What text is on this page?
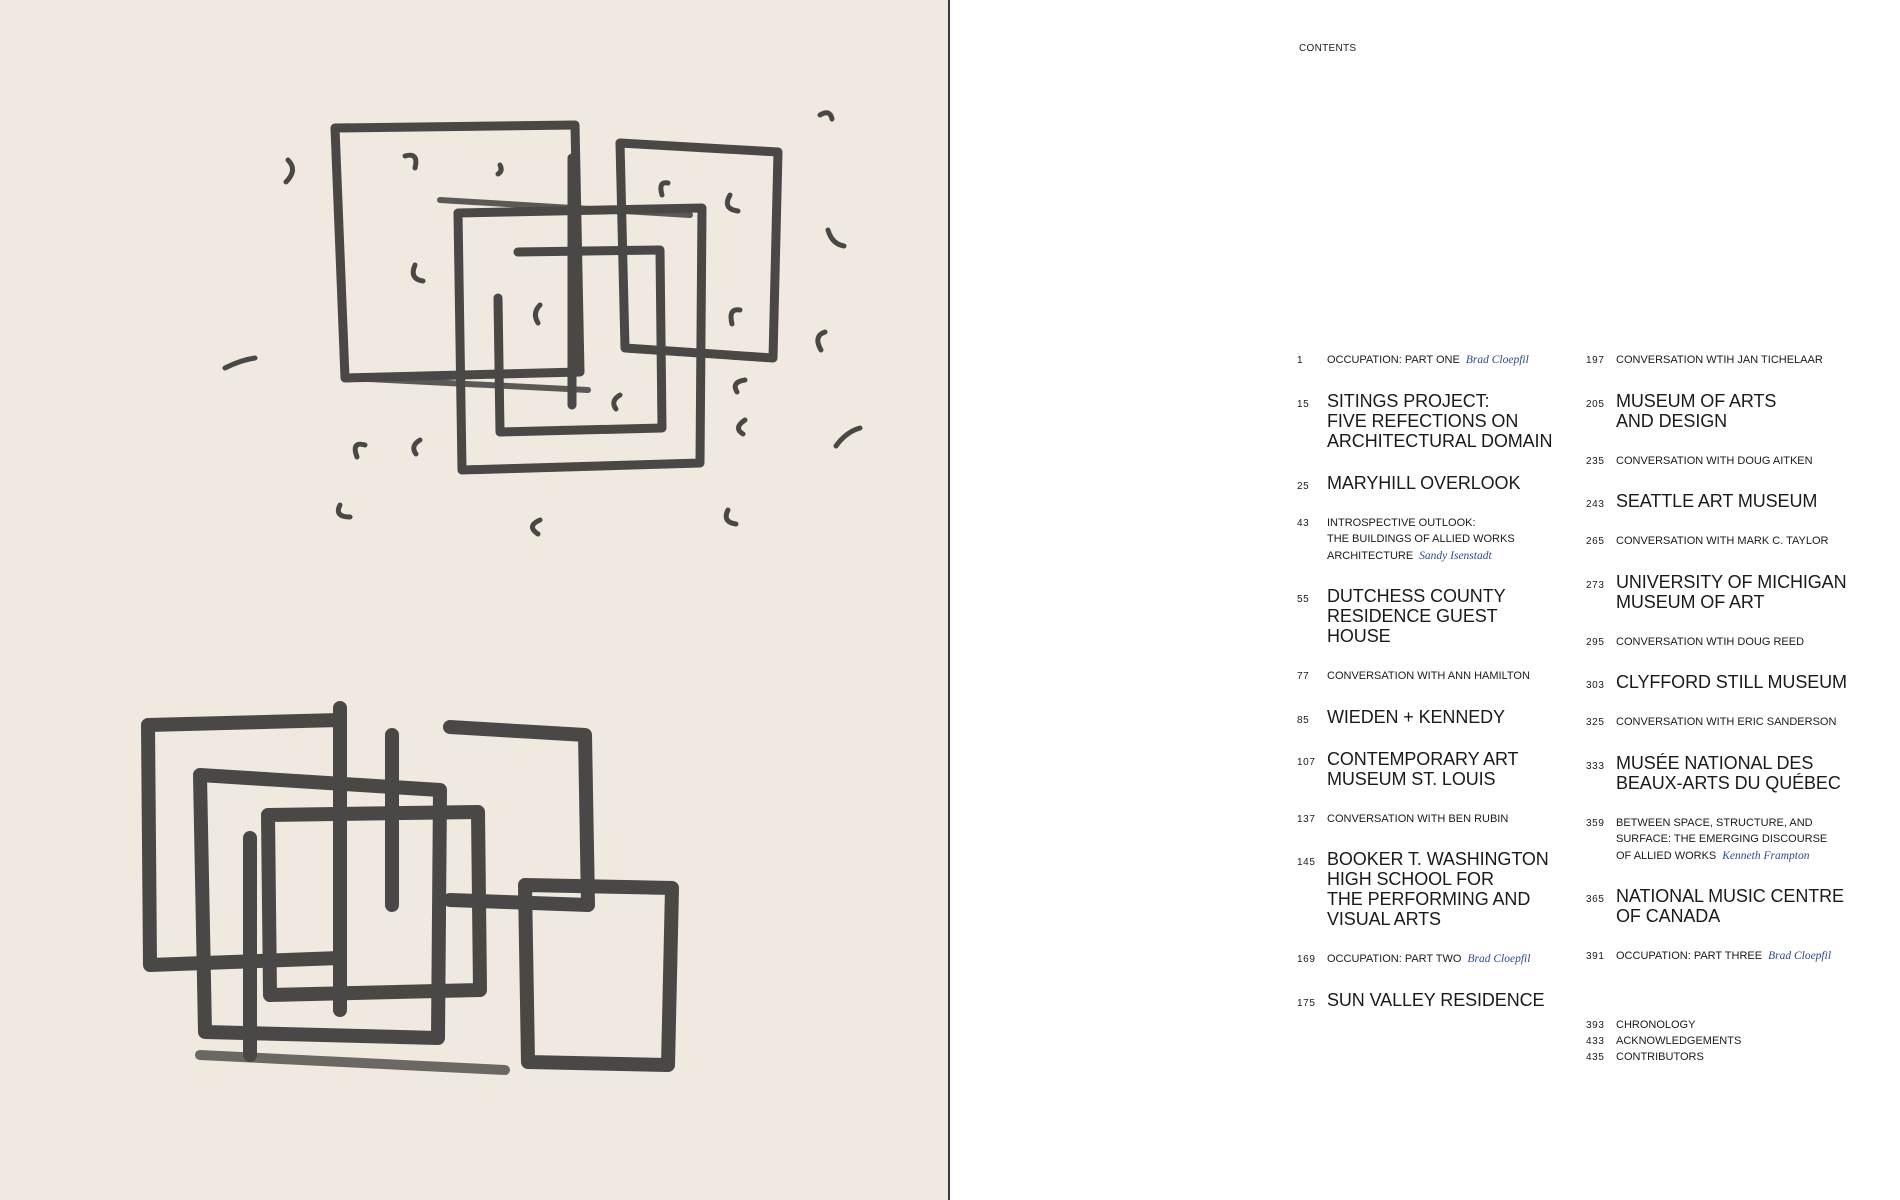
CONTENTS
1	OCCUPATION: PART ONE Brad Cloepfil
15 SITINGS PROJECT:
FIVE REFECTIONS ON
ARCHITECTURAL DOMAIN
25 MARYHILL OVERLOOK
43	INTROSPECTIVE OUTLOOK:
THE BUILDINGS OF ALLIED WORKS
ARCHITECTURE Sandy Isenstadt
55 DUTCHESS COUNTY
RESIDENCE GUEST HOUSE
77	CONVERSATION WITH ANN HAMILTON
85 WIEDEN + KENNEDY
107 CONTEMPORARY ART
MUSEUM ST. LOUIS
137	CONVERSATION WITH BEN RUBIN
145 BOOKER T. WASHINGTON
HIGH SCHOOL FOR
THE PERFORMING AND
VISUAL ARTS
169	OCCUPATION: PART TWO Brad Cloepfil
175 SUN VALLEY RESIDENCE
197	CONVERSATION WTIH JAN TICHELAAR
205 MUSEUM OF ARTS
AND DESIGN
235	CONVERSATION WITH DOUG AITKEN
243 SEATTLE ART MUSEUM
265	CONVERSATION WITH MARK C. TAYLOR
273 UNIVERSITY OF MICHIGAN
MUSEUM OF ART
295	CONVERSATION WTIH DOUG REED
303 CLYFFORD STILL MUSEUM
325	CONVERSATION WITH ERIC SANDERSON
333 MUSÉE NATIONAL DES
BEAUX-ARTS DU QUÉBEC
359	BETWEEN SPACE, STRUCTURE, AND
SURFACE: THE EMERGING DISCOURSE
OF ALLIED WORKS Kenneth Frampton
365 NATIONAL MUSIC CENTRE
OF CANADA
391	OCCUPATION: PART THREE Brad Cloepfil
393	CHRONOLOGY
433	ACKNOWLEDGEMENTS
435	CONTRIBUTORS
